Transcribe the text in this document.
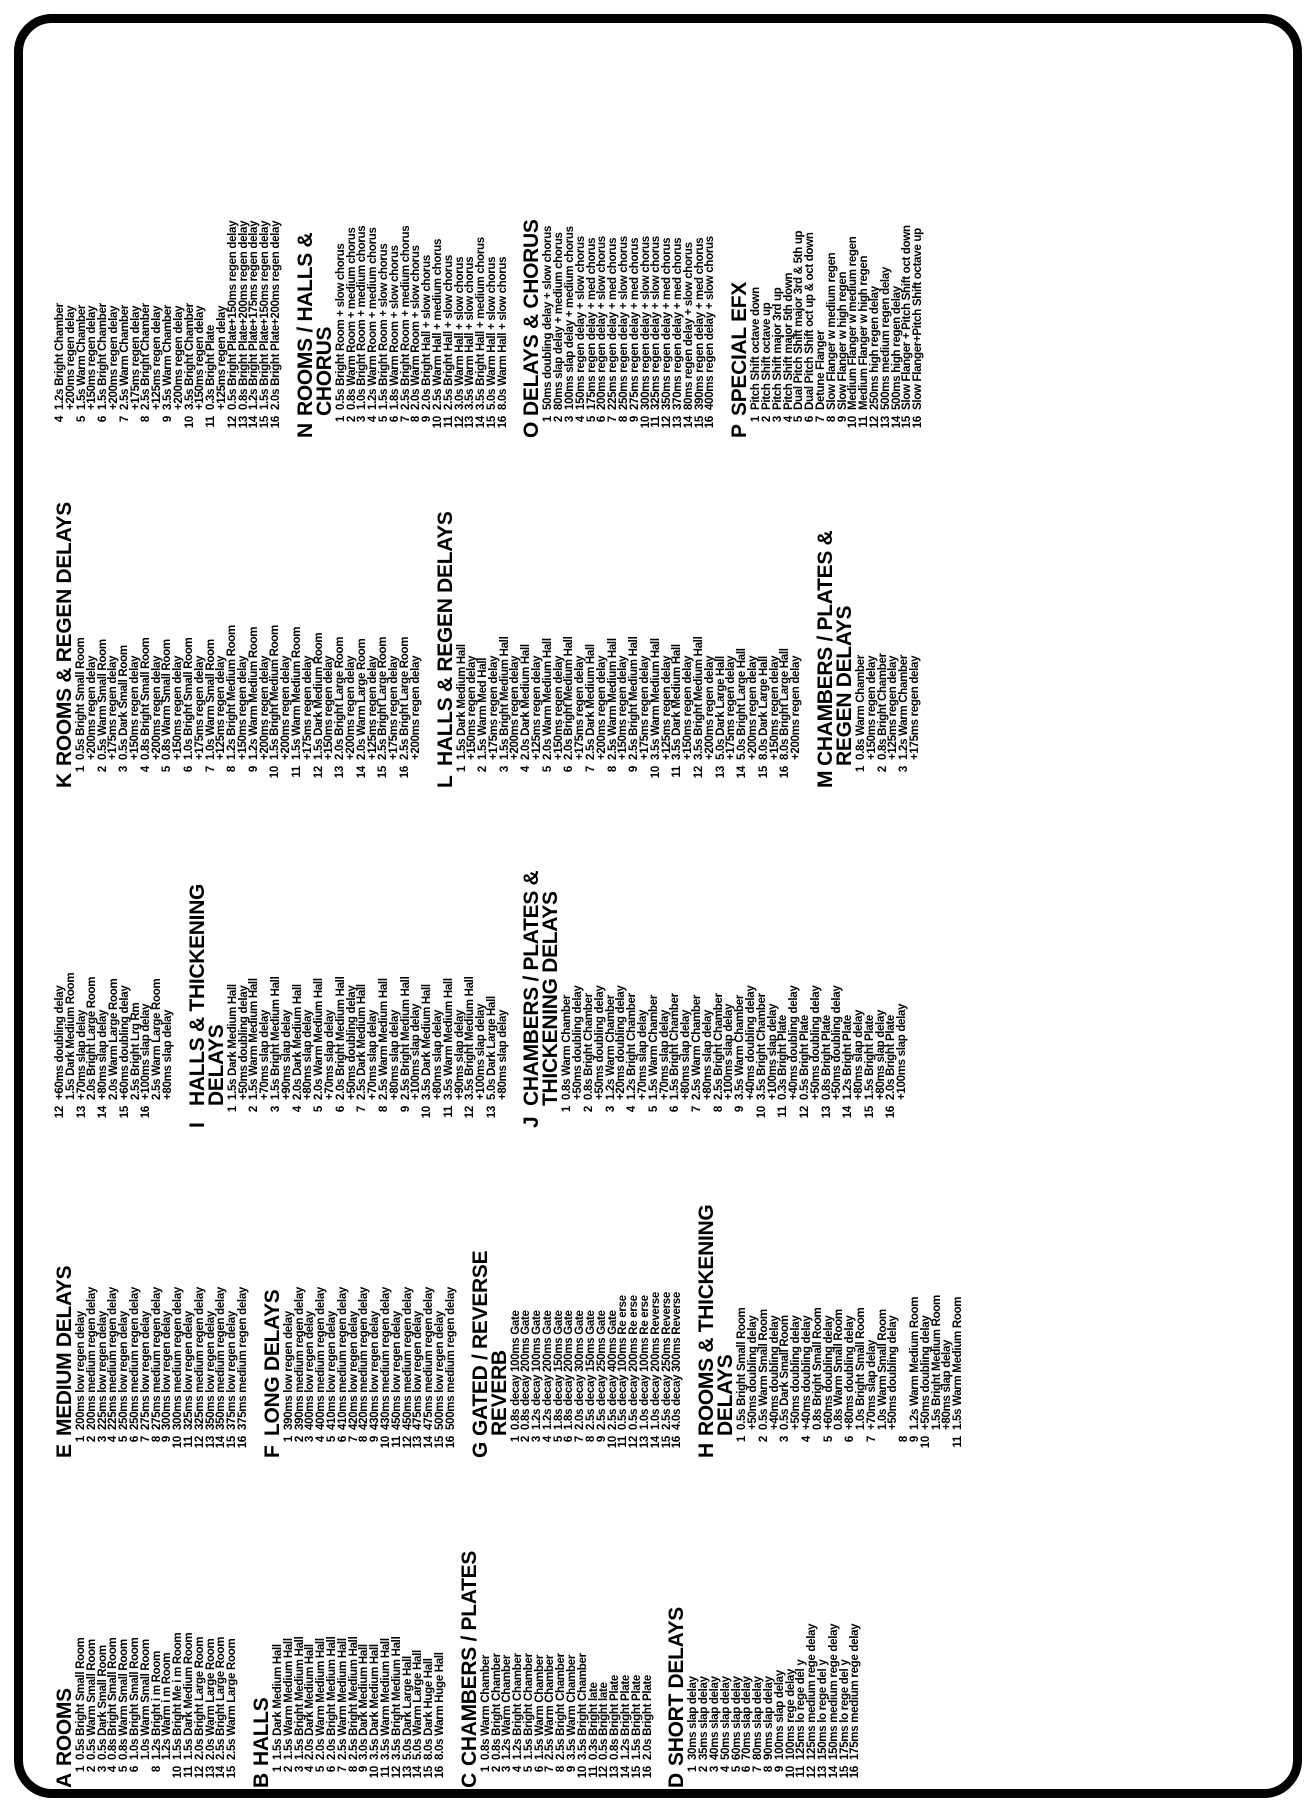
A
ROOMS
1
0.5s Bright Small Room
2
0.5s Warm Small Room
3
0.5s Dark Small Room
4
0.8s Bright Small Room
5
0.8s Warm Small Room
6
1.0s Bright Small Room
1.0s Warm Small Room
8
1.2s Bright i m Room
1.2s Warm i m Room
10
1.5s Bright Me i m Room
11
1.5s Dark Medium Room
12
2.0s Bright Large Room
13
2.0s Warm Large Room
14
2.5s Bright Large Room
15
2.5s Warm Large Room
B
HALLS
1
1.5s Dark Medium Hall
2
1.5s Warm Medium Hall
3
1.5s Bright Medium Hall
4
2.0s Dark Medium Hall
5
2.0s Warm Medium Hall
6
2.0s Bright Medium Hall
7
2.5s Warm Medium Hall
8
2.5s Bright Medium Hall
9
3.0s Dark Medium Hall
10
3.5s Dark Medium Hall
11
3.5s Warm Medium Hall
12
3.5s Bright Medium Hall
13
5.0s Dark Large Hall
14
5.0s Warm Large Hall
15
8.0s Dark Huge Hall
16
8.0s Warm Huge Hall
C
CHAMBERS / PLATES
1
0.8s Warm Chamber
2
0.8s Bright Chamber
3
1.2s Warm Chamber
4
1.2s Bright Chamber
5
1.5s Bright Chamber
6
1.5s Warm Chamber
7
2.5s Warm Chamber
8
2.5s Bright Chamber
9
3.5s Warm Chamber
10
3.5s Bright Chamber
11
0.3s Bright late
12
0.5s Bright late
13
0.8s Bright Plate
14
1.2s Bright Plate
15
1.5s Bright Plate
16
2.0s Bright Plate
D
SHORT DELAYS
1
30ms slap delay
2
35ms slap delay
3
40ms slap delay
4
50ms slap delay
5
60ms slap delay
6
70ms slap delay
7
80ms slap delay
8
90ms slap delay
9
100ms slap delay
10
100ms rege delay
11
125ms lo rege del y
12
125ms medium rege delay
13
150ms lo rege del y
14
150ms medium rege delay
15
175ms lo rege del y
16
175ms medium rege delay
E
MEDIUM DELAYS
1
200ms low regen delay
2
200ms medium regen delay
3
225ms low regen delay
4
225ms medium regen delay
5
250ms low regen delay
6
250ms medium regen delay
7
275ms low regen delay
8
275ms medium regen delay
9
300ms low regen delay
10
300ms medium regen delay
11
325ms low regen delay
12
325ms medium regen delay
13
350ms low regen delay
14
350ms medium regen delay
15
375ms low regen delay
16
375ms medium regen delay
F
LONG DELAYS
1
390ms low regen delay
2
390ms medium regen delay
3
400ms low regen delay
4
400ms medium regen delay
5
410ms low regen delay
6
410ms medium regen delay
7
420ms low regen delay
8
420ms medium regen delay
9
430ms low regen delay
10
430ms medium regen delay
11
450ms low regen delay
12
450ms medium regen delay
13
475ms low regen delay
14
475ms medium regen delay
15
500ms low regen delay
16
500ms medium regen delay
G
GATED / REVERSE REVERB
1
0.8s decay 100ms Gate
2
0.8s decay 200ms Gate
3
1.2s decay 100ms Gate
4
1.2s decay 200ms Gate
5
1.8s decay 150ms Gate
6
1.8s decay 200ms Gate
7
2.0s decay 300ms Gate
8
2.5s decay 150ms Gate
9
2.5s decay 250ms Gate
10
2.5s decay 400ms Gate
11
0.5s decay 100ms Re erse
12
0.5s decay 200ms Re erse
13
1.0s decay 100ms Re erse
14
1.0s decay 200ms Reverse
15
2.5s decay 250ms Reverse
16
4.0s decay 300ms Reverse
H
ROOMS & THICKENING DELAYS
1
0.5s Bright Small Room
+50ms doubling delay
2
0.5s Warm Small Room
+40ms doubling delay
3
0.5s Dark Small Room
+50ms doubling delay
4
+40ms doubling delay
0.8s Bright Small Room
5
+60ms doubling delay
0.8s Warm Small Room
6
+80ms doubling delay
1.0s Bright Small Room
7
+70ms slap delay
1.0s Warm Small Room
+50ms doubling delay
8
9
1.2s Warm Medium Room
10
+50ms doubling delay
1.5s Bright Medium Room
+80ms slap delay
11
1.5s Warm Medium Room
12
+60ms doubling delay
1.5s Dark Medium Room
13
+70ms slap delay
2.0s Bright Large Room
14
+80ms slap delay
2.0s Warm Large Room
15
+60ms doubling delay
2.5s Bright Lrg Rm
16
+100ms slap delay
2.5s Warm Large Room
+80ms slap delay
I
HALLS & THICKENING DELAYS
1
1.5s Dark Medium Hall
+50ms doubling delay
2
1.5s Warm Medium Hall
+70ms slap delay
3
1.5s Bright Medium Hall
+90ms slap delay
4
2.0s Dark Medium Hall
+80ms slap delay
5
2.0s Warm Medium Hall
+70ms slap delay
6
2.0s Bright Medium Hall
+50ms doubling delay
7
2.5s Dark Medium Hall
+70ms slap delay
8
2.5s Warm Medium Hall
+80ms slap delay
9
2.5s Bright Medium Hall
+100ms slap delay
10
3.5s Dark Medium Hall
+80ms slap delay
11
3.5s Warm Medium Hall
+90ms slap delay
12
3.5s Bright Medium Hall
+100ms slap delay
13
5.0s Dark Large Hall
+80ms slap delay
J
CHAMBERS / PLATES & THICKENING DELAYS
1
0.8s Warm Chamber
+50ms doubling delay
2
0.8s Bright Chamber
+50ms doubling delay
3
1.2s Warm Chamber
+20ms doubling delay
4
1.2s Bright Chamber
+70ms slap delay
5
1.5s Warm Chamber
+70ms slap delay
6
1.5s Bright Chamber
+80ms slap delay
7
2.5s Warm Chamber
+80ms slap delay
8
2.5s Bright Chamber
+100ms slap delay
9
3.5s Warm Chamber
+40ms doubling delay
10
3.5s Bright Chamber
+100ms slap delay
11
0.3s Bright Plate
+40ms doubling delay
12
0.5s Bright Plate
+50ms doubling delay
13
0.8s Bright Plate
+50ms doubling delay
14
1.2s Bright Plate
+80ms slap delay
15
1.5s Bright Plate
+80ms slap delay
16
2.0s Bright Plate
+100ms slap delay
K
ROOMS & REGEN DELAYS
1
0.5s Bright Small Room
+200ms regen delay
2
0.5s Warm Small Room
+175ms regen delay
3
0.5s Dark Small Room
+150ms regen delay
4
0.8s Bright Small Room
+200ms regen delay
5
0.8s Warm Small Room
+150ms regen delay
6
1.0s Bright Small Room
+175ms regen delay
7
1.0s Warm Small Room
+125ms regen delay
8
1.2s Bright Medium Room
+150ms regen delay
9
1.2s Warm Medium Room
+200ms regen delay
10
1.5s Bright Medium Room
+200ms regen delay
11
1.5s Warm Medium Room
+175ms regen delay
12
1.5s Dark Medium Room
+150ms regen delay
13
2.0s Bright Large Room
+200ms regen delay
14
2.0s Warm Large Room
+125ms regen delay
15
2.5s Bright Large Room
+175ms regen delay
16
2.5s Bright Large Room
+200ms regen delay
L
HALLS & REGEN DELAYS
1
1.5s Dark Medium Hall
+150ms regen delay
2
1.5s Warm Med Hall
+175ms regen delay
3
1.5s Bright Medium Hall
+200ms regen delay
4
2.0s Dark Medium Hall
+125ms regen delay
5
2.0s Warm Medium Hall
+150ms regen delay
6
2.0s Bright Medium Hall
+175ms regen delay
7
2.5s Dark Medium Hall
+200ms regen delay
8
2.5s Warm Medium Hall
+150ms regen delay
9
2.5s Bright Medium Hall
+175ms regen delay
10
3.5s Warm Medium Hall
+125ms regen delay
11
3.5s Dark Medium Hall
+150ms regen delay
12
3.5s Bright Medium Hall
+200ms regen delay
13
5.0s Dark Large Hall
+175ms regen delay
14
5.0s Bright Large Hall
+200ms regen delay
15
8.0s Dark Large Hall
+150ms regen delay
16
8.0s Bright Large Hall
+200ms regen delay
M
CHAMBERS / PLATES & REGEN DELAYS
1
0.8s Warm Chamber
+150ms regen delay
2
0.8s Bright Chamber
+125ms regen delay
3
1.2s Warm Chamber
+175ms regen delay
4
1.2s Bright Chamber
+200ms regen delay
5
1.5s Warm Chamber
+150ms regen delay
6
1.5s Bright Chamber
+200ms regen delay
7
2.5s Warm Chamber
+175ms regen delay
8
2.5s Bright Chamber
+125ms regen delay
9
3.5s Warm Chamber
+200ms regen delay
10
3.5s Bright Chamber
+150ms regen delay
11
0.3s Bright Plate
+125ms regen delay
12
0.5s Bright Plate+150ms regen delay
13
0.8s Bright Plate+200ms regen delay
14
1.2s Bright Plate+175ms regen delay
15
1.5s Bright Plate+150ms regen delay
16
2.0s Bright Plate+200ms regen delay
N
ROOMS / HALLS & CHORUS
1
0.5s Bright Room + slow chorus
2
0.8s Warm Room + medium chorus
3
1.0s Bright Room + medium chorus
4
1.2s Warm Room + medium chorus
5
1.5s Bright Room + slow chorus
6
1.8s Warm Room + slow chorus
7
2.5s Bright Room + medium chorus
8
2.0s Warm Room + slow chorus
9
2.0s Bright Hall + slow chorus
10
2.5s Warm Hall + medium chorus
11
2.5s Bright Hall + slow chorus
12
3.0s Warm Hall + slow chorus
13
3.5s Warm Hall + slow chorus
14
3.5s Bright Hall + medium chorus
15
5.0s Warm Hall + slow chorus
16
8.0s Warm Hall + slow chorus
O
DELAYS & CHORUS
1
50ms doubling delay + slow chorus
2
80ms slap delay + medium chorus
3
100ms slap delay + medium chorus
4
150ms regen delay + slow chorus
5
175ms regen delay + med chorus
6
200ms regen delay + slow chorus
7
225ms regen delay + med chorus
8
250ms regen delay + slow chorus
9
275ms regen delay + med chorus
10
300ms regen delay + slow chorus
11
325ms regen delay + slow chorus
12
350ms regen delay + med chorus
13
370ms regen delay + med chorus
14
80ms regen delay + slow chorus
15
390ms regen delay + med chorus
16
400ms regen delay + slow chorus
P
SPECIAL EFX
1
Pitch Shift octave down
2
Pitch Shift octave up
3
Pitch Shift major 3rd up
4
Pitch Shift major 5th down
5
Dual Pitch Shift major 3rd & 5th up
6
Dual Pitch Shift oct up & oct down
7
Detune Flanger
8
Slow Flanger w medium regen
9
Slow Flanger w high regen
10
Medium Flanger w medium regen
11
Medium Flanger w high regen
12
250ms high regen delay
13
500ms medium regen delay
14
500ms high regen delay
15
Slow Flanger + Pitch Shift oct down
16
Slow Flanger+Pitch Shift octave up
